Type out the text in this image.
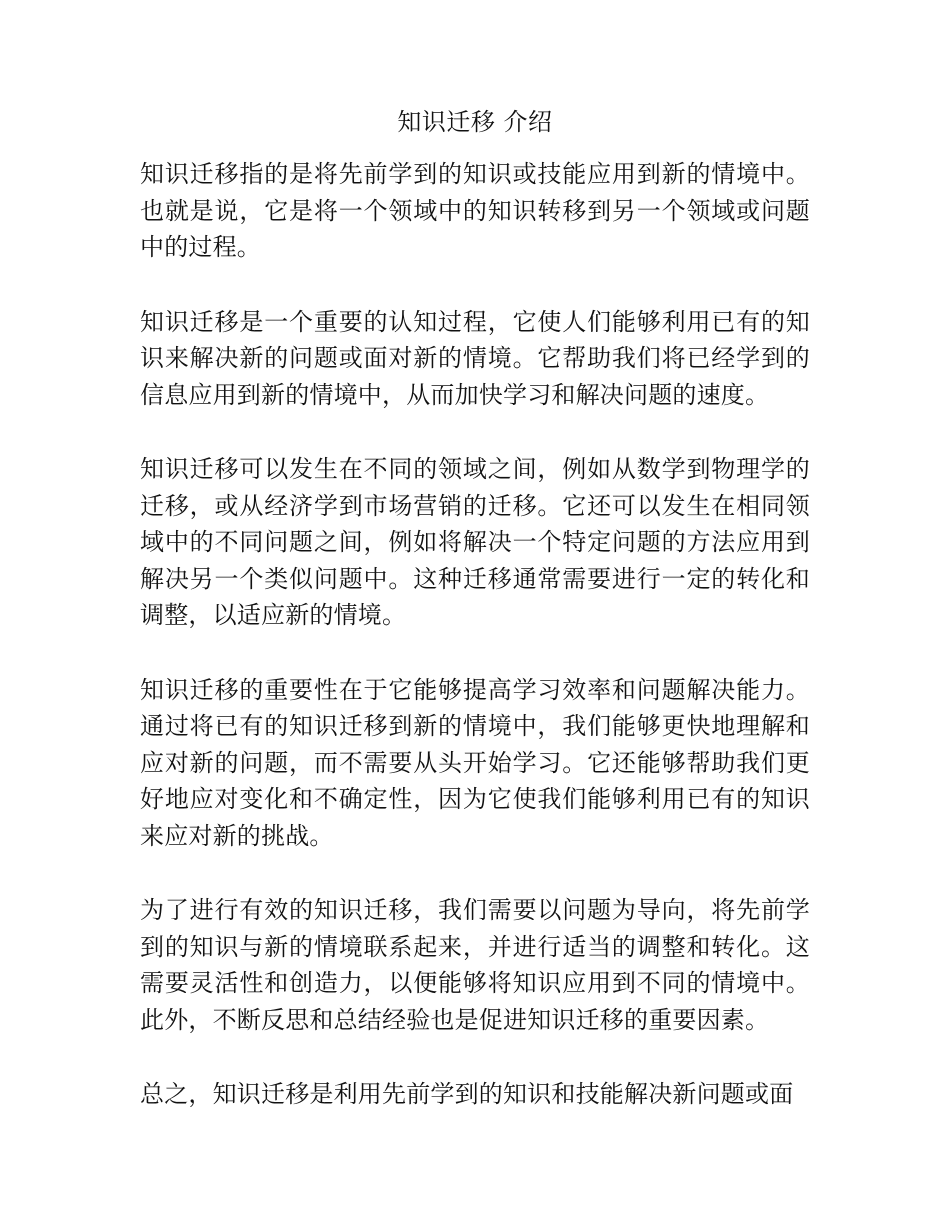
知识迁移 介绍

知识迁移指的是将先前学到的知识或技能应用到新的情境中。也就是说，它是将一个领域中的知识转移到另一个领域或问题中的过程。

知识迁移是一个重要的认知过程，它使人们能够利用已有的知识来解决新的问题或面对新的情境。它帮助我们将已经学到的信息应用到新的情境中，从而加快学习和解决问题的速度。

知识迁移可以发生在不同的领域之间，例如从数学到物理学的迁移，或从经济学到市场营销的迁移。它还可以发生在相同领域中的不同问题之间，例如将解决一个特定问题的方法应用到解决另一个类似问题中。这种迁移通常需要进行一定的转化和调整，以适应新的情境。

知识迁移的重要性在于它能够提高学习效率和问题解决能力。通过将已有的知识迁移到新的情境中，我们能够更快地理解和应对新的问题，而不需要从头开始学习。它还能够帮助我们更好地应对变化和不确定性，因为它使我们能够利用已有的知识来应对新的挑战。

为了进行有效的知识迁移，我们需要以问题为导向，将先前学到的知识与新的情境联系起来，并进行适当的调整和转化。这需要灵活性和创造力，以便能够将知识应用到不同的情境中。此外，不断反思和总结经验也是促进知识迁移的重要因素。

总之，知识迁移是利用先前学到的知识和技能解决新问题或面
